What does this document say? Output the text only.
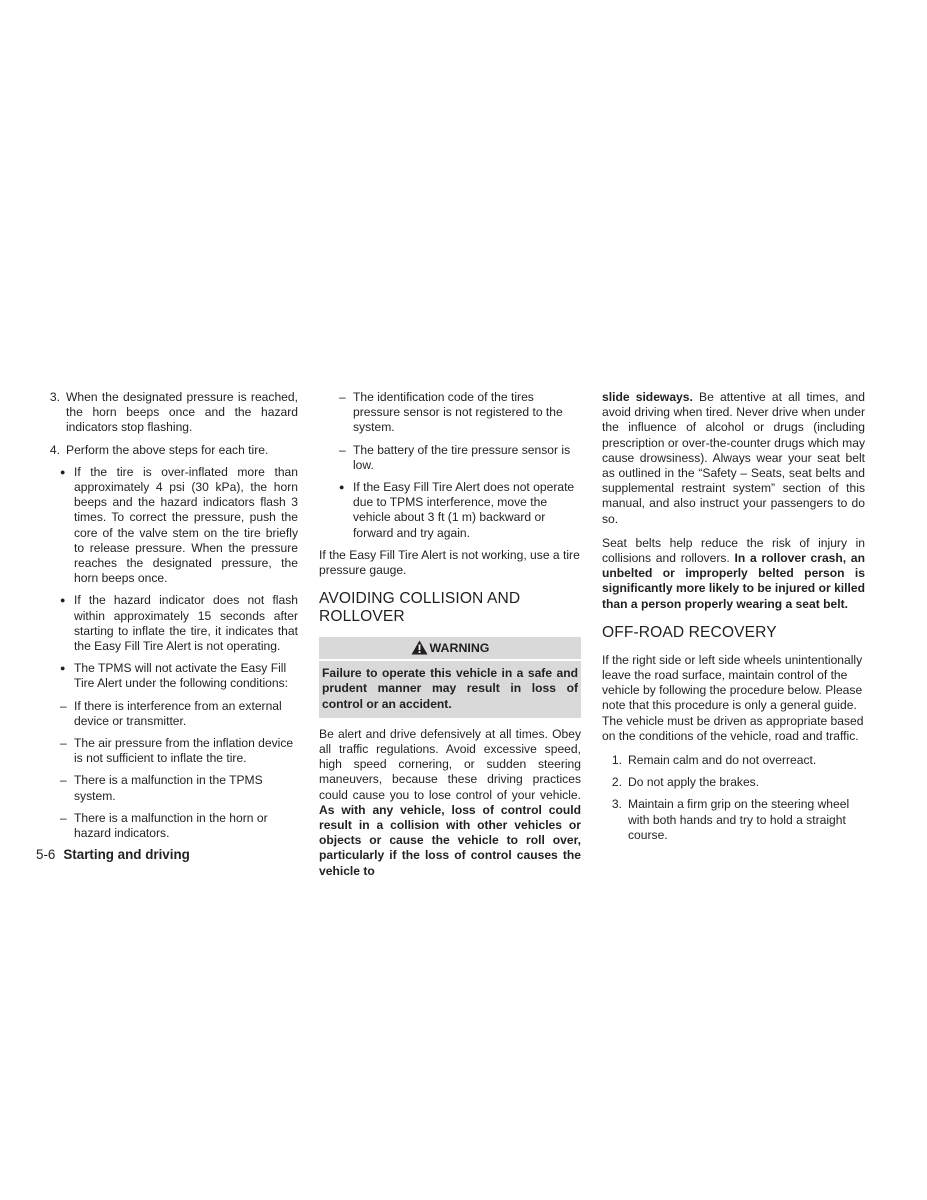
3. When the designated pressure is reached, the horn beeps once and the hazard indicators stop flashing.
4. Perform the above steps for each tire.
● If the tire is over-inflated more than approximately 4 psi (30 kPa), the horn beeps and the hazard indicators flash 3 times. To correct the pressure, push the core of the valve stem on the tire briefly to release pressure. When the pressure reaches the designated pressure, the horn beeps once.
● If the hazard indicator does not flash within approximately 15 seconds after starting to inflate the tire, it indicates that the Easy Fill Tire Alert is not operating.
● The TPMS will not activate the Easy Fill Tire Alert under the following conditions:
– If there is interference from an external device or transmitter.
– The air pressure from the inflation device is not sufficient to inflate the tire.
– There is a malfunction in the TPMS system.
– There is a malfunction in the horn or hazard indicators.
– The identification code of the tires pressure sensor is not registered to the system.
– The battery of the tire pressure sensor is low.
● If the Easy Fill Tire Alert does not operate due to TPMS interference, move the vehicle about 3 ft (1 m) backward or forward and try again.

If the Easy Fill Tire Alert is not working, use a tire pressure gauge.

AVOIDING COLLISION AND ROLLOVER
WARNING
Failure to operate this vehicle in a safe and prudent manner may result in loss of control or an accident.

Be alert and drive defensively at all times. Obey all traffic regulations. Avoid excessive speed, high speed cornering, or sudden steering maneuvers, because these driving practices could cause you to lose control of your vehicle. As with any vehicle, loss of control could result in a collision with other vehicles or objects or cause the vehicle to roll over, particularly if the loss of control causes the vehicle to

slide sideways. Be attentive at all times, and avoid driving when tired. Never drive when under the influence of alcohol or drugs (including prescription or over-the-counter drugs which may cause drowsiness). Always wear your seat belt as outlined in the “Safety – Seats, seat belts and supplemental restraint system” section of this manual, and also instruct your passengers to do so.

Seat belts help reduce the risk of injury in collisions and rollovers. In a rollover crash, an unbelted or improperly belted person is significantly more likely to be injured or killed than a person properly wearing a seat belt.

OFF-ROAD RECOVERY

If the right side or left side wheels unintentionally leave the road surface, maintain control of the vehicle by following the procedure below. Please note that this procedure is only a general guide. The vehicle must be driven as appropriate based on the conditions of the vehicle, road and traffic.

1. Remain calm and do not overreact.
2. Do not apply the brakes.
3. Maintain a firm grip on the steering wheel with both hands and try to hold a straight course.
5-6 Starting and driving
